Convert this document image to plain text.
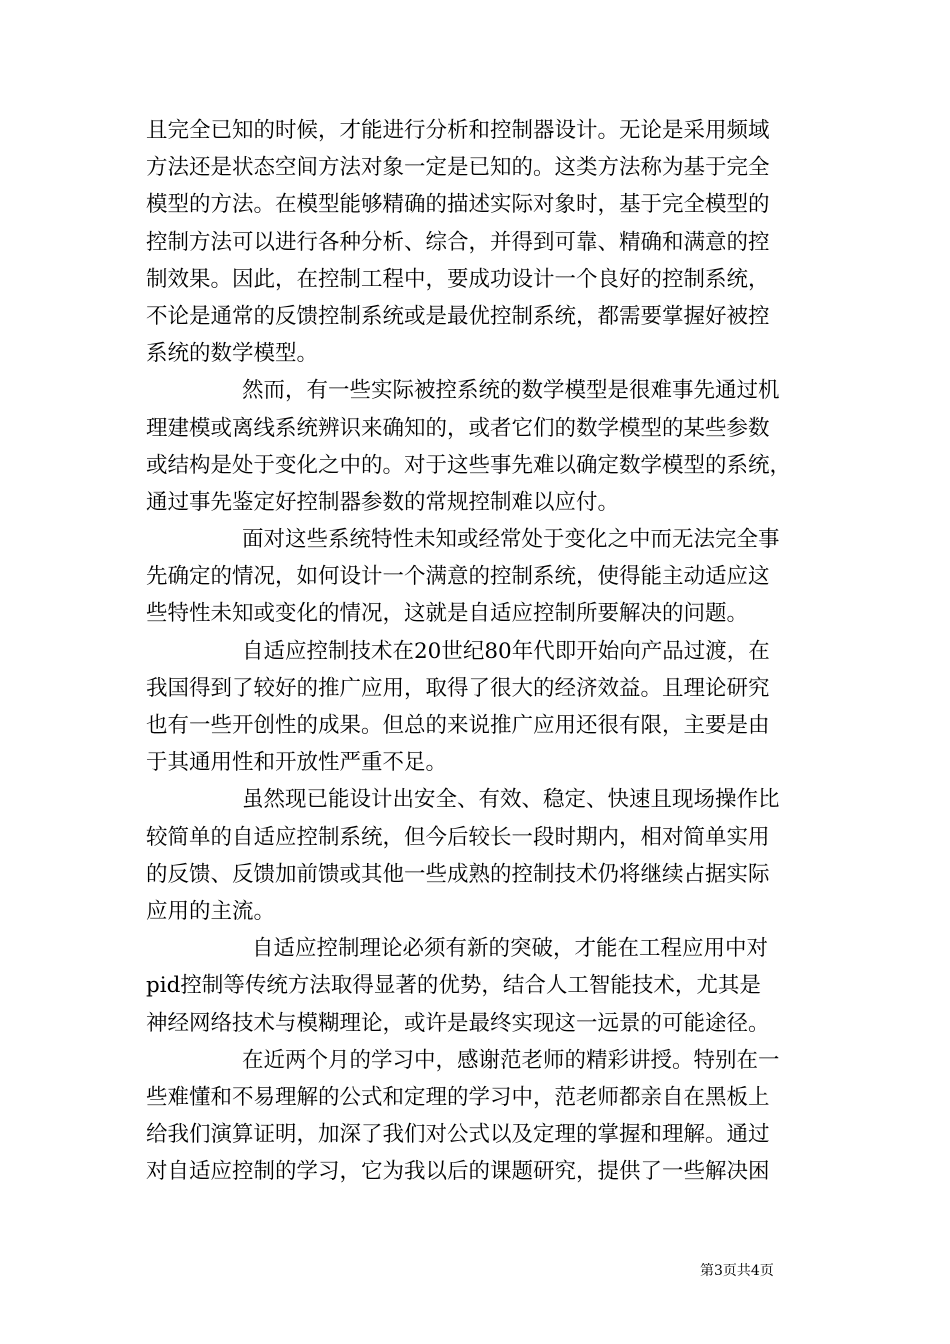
且完全已知的时候，才能进行分析和控制器设计。无论是采用频域
方法还是状态空间方法对象一定是已知的。这类方法称为基于完全
模型的方法。在模型能够精确的描述实际对象时，基于完全模型的
控制方法可以进行各种分析、综合，并得到可靠、精确和满意的控
制效果。因此，在控制工程中，要成功设计一个良好的控制系统，
不论是通常的反馈控制系统或是最优控制系统，都需要掌握好被控
系统的数学模型。
然而，有一些实际被控系统的数学模型是很难事先通过机
理建模或离线系统辨识来确知的，或者它们的数学模型的某些参数
或结构是处于变化之中的。对于这些事先难以确定数学模型的系统，
通过事先鉴定好控制器参数的常规控制难以应付。
面对这些系统特性未知或经常处于变化之中而无法完全事
先确定的情况，如何设计一个满意的控制系统，使得能主动适应这
些特性未知或变化的情况，这就是自适应控制所要解决的问题。
自适应控制技术在20世纪80年代即开始向产品过渡，在
我国得到了较好的推广应用，取得了很大的经济效益。且理论研究
也有一些开创性的成果。但总的来说推广应用还很有限，主要是由
于其通用性和开放性严重不足。
虽然现已能设计出安全、有效、稳定、快速且现场操作比
较简单的自适应控制系统，但今后较长一段时期内，相对简单实用
的反馈、反馈加前馈或其他一些成熟的控制技术仍将继续占据实际
应用的主流。
自适应控制理论必须有新的突破，才能在工程应用中对
pid控制等传统方法取得显著的优势，结合人工智能技术，尤其是
神经网络技术与模糊理论，或许是最终实现这一远景的可能途径。
在近两个月的学习中，感谢范老师的精彩讲授。特别在一
些难懂和不易理解的公式和定理的学习中，范老师都亲自在黑板上
给我们演算证明，加深了我们对公式以及定理的掌握和理解。通过
对自适应控制的学习，它为我以后的课题研究，提供了一些解决困
第3页共4页
